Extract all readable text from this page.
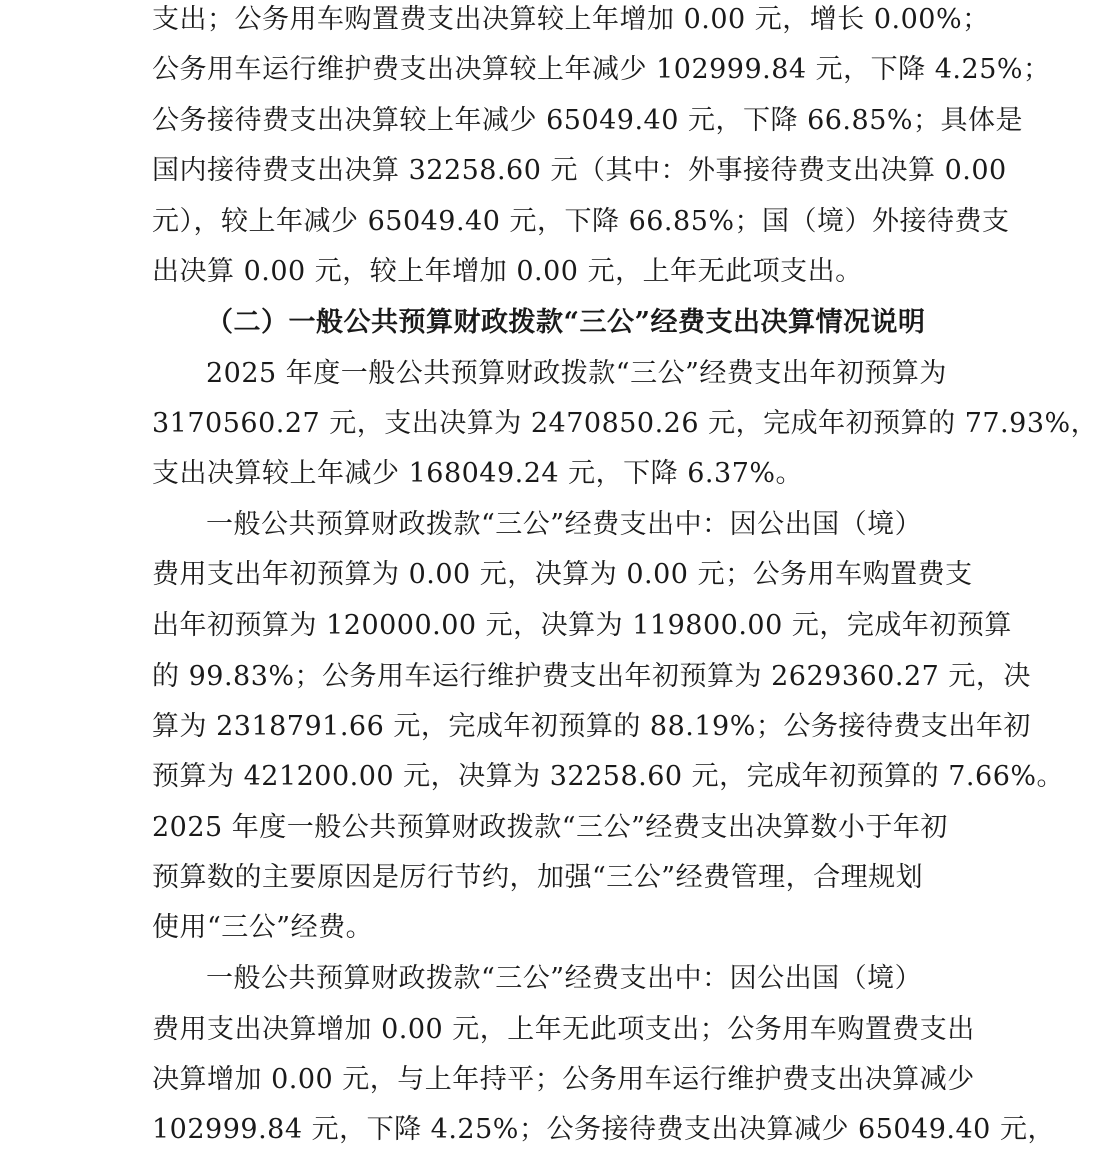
支出；公务用车购置费支出决算较上年增加 0.00 元，增长 0.00%；
公务用车运行维护费支出决算较上年减少 102999.84 元，下降 4.25%；
公务接待费支出决算较上年减少 65049.40 元，下降 66.85%；具体是
国内接待费支出决算 32258.60 元（其中：外事接待费支出决算 0.00
元），较上年减少 65049.40 元，下降 66.85%；国（境）外接待费支
出决算 0.00 元，较上年增加 0.00 元，上年无此项支出。
（二）一般公共预算财政拨款“三公”经费支出决算情况说明
2025 年度一般公共预算财政拨款“三公”经费支出年初预算为
3170560.27 元，支出决算为 2470850.26 元，完成年初预算的 77.93%，
支出决算较上年减少 168049.24 元，下降 6.37%。
一般公共预算财政拨款“三公”经费支出中：因公出国（境）
费用支出年初预算为 0.00 元，决算为 0.00 元；公务用车购置费支
出年初预算为 120000.00 元，决算为 119800.00 元，完成年初预算
的 99.83%；公务用车运行维护费支出年初预算为 2629360.27 元，决
算为 2318791.66 元，完成年初预算的 88.19%；公务接待费支出年初
预算为 421200.00 元，决算为 32258.60 元，完成年初预算的 7.66%。
2025 年度一般公共预算财政拨款“三公”经费支出决算数小于年初
预算数的主要原因是厉行节约，加强“三公”经费管理，合理规划
使用“三公”经费。
一般公共预算财政拨款“三公”经费支出中：因公出国（境）
费用支出决算增加 0.00 元，上年无此项支出；公务用车购置费支出
决算增加 0.00 元，与上年持平；公务用车运行维护费支出决算减少
102999.84 元，下降 4.25%；公务接待费支出决算减少 65049.40 元，
